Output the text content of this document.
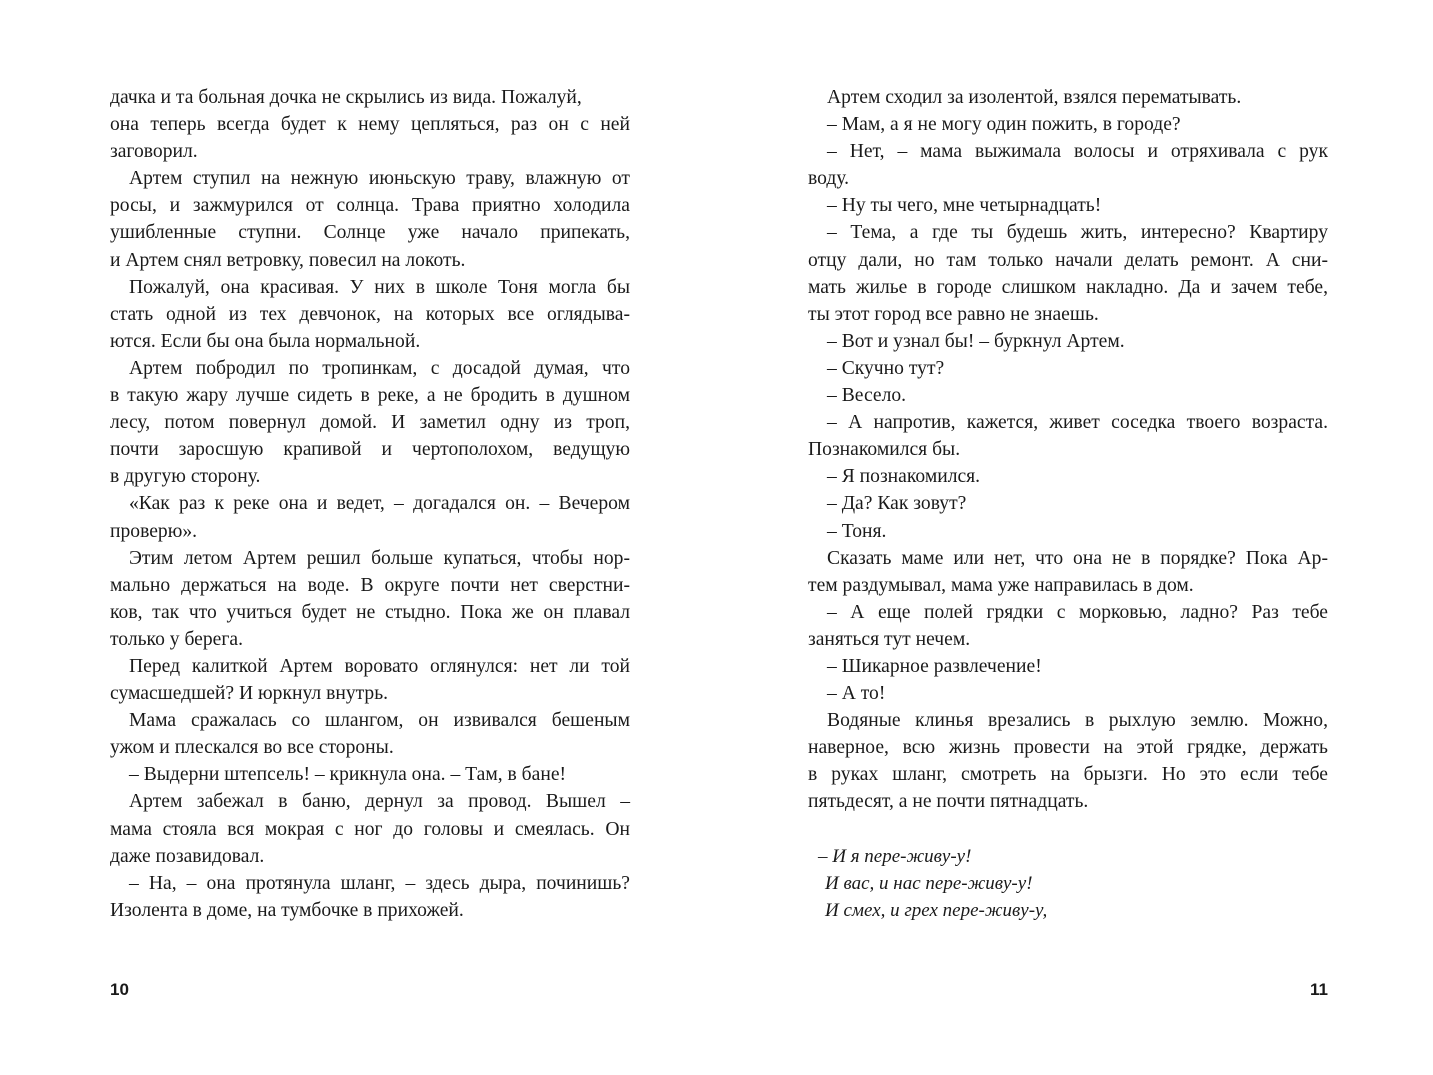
дачка и та больная дочка не скрылись из вида. Пожалуй,
она теперь всегда будет к нему цепляться, раз он с ней
заговорил.
Артем ступил на нежную июньскую траву, влажную от
росы, и зажмурился от солнца. Трава приятно холодила
ушибленные ступни. Солнце уже начало припекать,
и Артем снял ветровку, повесил на локоть.
Пожалуй, она красивая. У них в школе Тоня могла бы
стать одной из тех девчонок, на которых все оглядыва-
ются. Если бы она была нормальной.
Артем побродил по тропинкам, с досадой думая, что
в такую жару лучше сидеть в реке, а не бродить в душном
лесу, потом повернул домой. И заметил одну из троп,
почти заросшую крапивой и чертополохом, ведущую
в другую сторону.
«Как раз к реке она и ведет, – догадался он. – Вечером
проверю».
Этим летом Артем решил больше купаться, чтобы нор-
мально держаться на воде. В округе почти нет сверстни-
ков, так что учиться будет не стыдно. Пока же он плавал
только у берега.
Перед калиткой Артем воровато оглянулся: нет ли той
сумасшедшей? И юркнул внутрь.
Мама сражалась со шлангом, он извивался бешеным
ужом и плескался во все стороны.
– Выдерни штепсель! – крикнула она. – Там, в бане!
Артем забежал в баню, дернул за провод. Вышел –
мама стояла вся мокрая с ног до головы и смеялась. Он
даже позавидовал.
– На, – она протянула шланг, – здесь дыра, починишь?
Изолента в доме, на тумбочке в прихожей.
Артем сходил за изолентой, взялся перематывать.
– Мам, а я не могу один пожить, в городе?
– Нет, – мама выжимала волосы и отряхивала с рук
воду.
– Ну ты чего, мне четырнадцать!
– Тема, а где ты будешь жить, интересно? Квартиру
отцу дали, но там только начали делать ремонт. А сни-
мать жилье в городе слишком накладно. Да и зачем тебе,
ты этот город все равно не знаешь.
– Вот и узнал бы! – буркнул Артем.
– Скучно тут?
– Весело.
– А напротив, кажется, живет соседка твоего возраста.
Познакомился бы.
– Я познакомился.
– Да? Как зовут?
– Тоня.
Сказать маме или нет, что она не в порядке? Пока Ар-
тем раздумывал, мама уже направилась в дом.
– А еще полей грядки с морковью, ладно? Раз тебе
заняться тут нечем.
– Шикарное развлечение!
– А то!
Водяные клинья врезались в рыхлую землю. Можно,
наверное, всю жизнь провести на этой грядке, держать
в руках шланг, смотреть на брызги. Но это если тебе
пятьдесят, а не почти пятнадцать.
– И я пере-живу-у!
И вас, и нас пере-живу-у!
И смех, и грех пере-живу-у,
10	11
